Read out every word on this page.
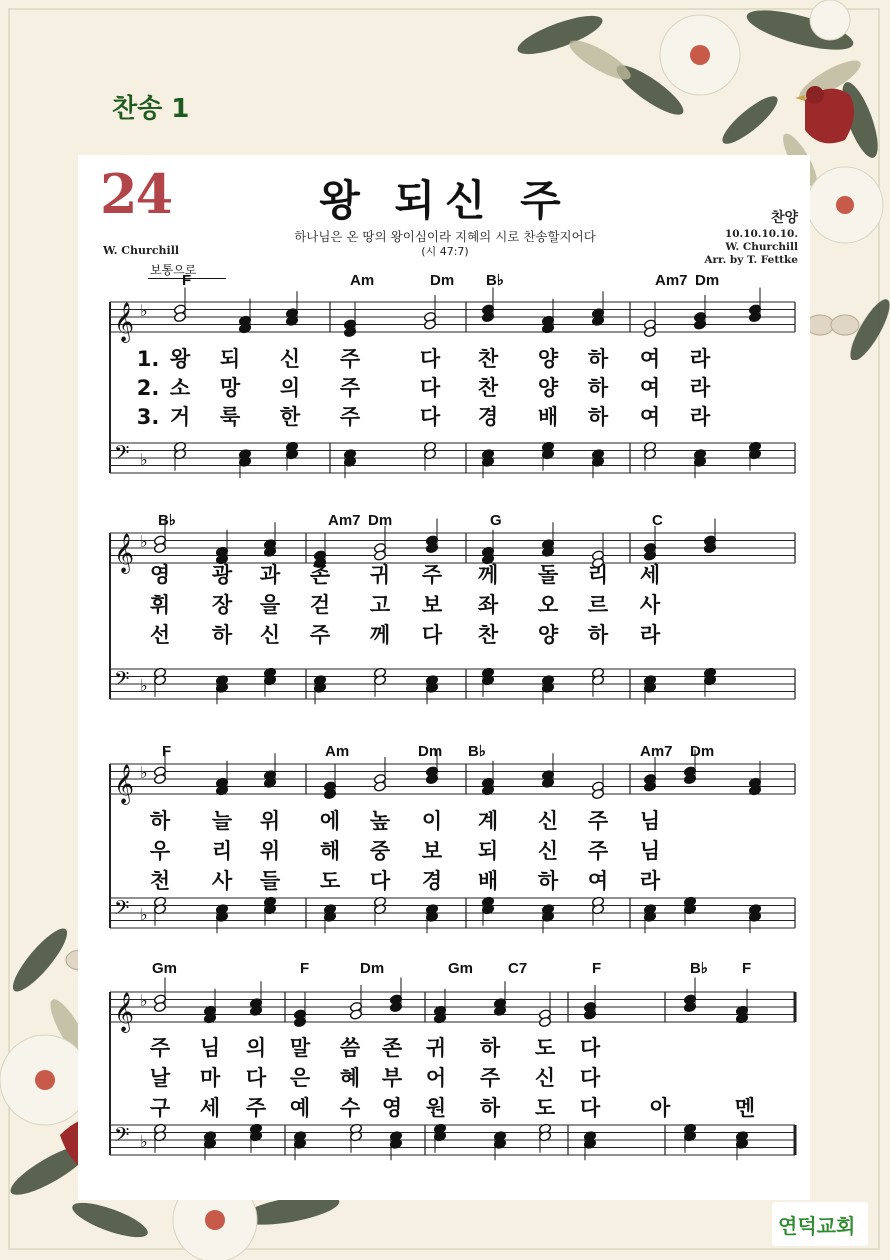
찬송 1
24	왕 되신 주
하나님은 온 땅의 왕이심이라 지혜의 시로 찬송할지어다
(시 47:7)
W. Churchill
보통으로
찬양
10.10.10.10.
W. Churchill
Arr. by T. Fettke
F	Am	Dm B♭	Am7 Dm
𝄞 ♭
𝄢 ♭
1. 왕 되 신 주	다 찬 양 하 여 라
2. 소 망 의 주	다 찬 양 하 여 라
3. 거 룩 한 주	다 경 배 하 여 라
B♭	Am7 Dm	G	C
𝄞 ♭
𝄢 ♭
영 광 과 존 귀 주 께 돌 리 세
휘 장 을 걷 고 보 좌 오 르 사
선 하 신 주 께 다 찬 양 하 라
F	Am	Dm B♭	Am7 Dm
𝄞 ♭
𝄢 ♭
하 늘 위 에 높 이 계 신 주 님
우 리 위 해 중 보 되 신 주 님
천 사 들 도 다 경 배 하 여 라
Gm	F	Dm	Gm C7	F	B♭ F
𝄞 ♭
𝄢 ♭
주 님 의 말 씀 존 귀 하 도 다
날 마 다 은 혜 부 어 주 신 다
구 세 주 예 수 영 원 하 도 다 아	멘
연덕교회
